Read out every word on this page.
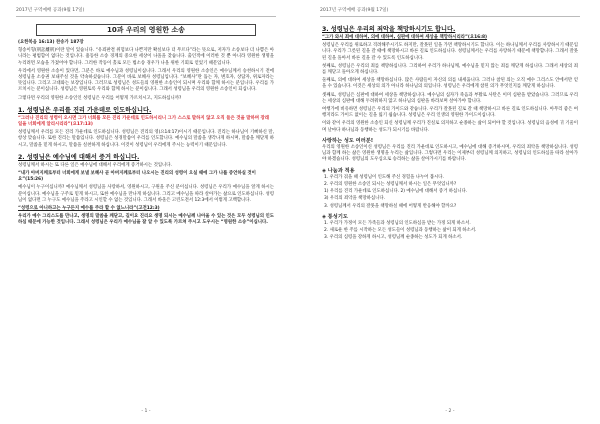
2017년 구역예배 공과(9월 17일)
10과 우리의 영원한 소송
(요한복음 16:13) 찬송가 187장
형송이형(刑訟離刑)이란 말이 있습니다. “유죄판결 위험보다 나쁜지만 확실보다 더 무르다”라는 뜻으로, 저자가 소송보다 더 나쁨은 아니라는 평범함이 없다는 것입니다. 흉동한 소송 경계의 중요한 세상이 나올을 찾습니다. 출인적에 이러한 것 뿐 아니라 영원한 생명을 누리려면 모습을 가졌어야 합니다. 그러한 작동이 홀로 모든 법소송 경우가 나올 위한 기회로 얻었기 때문입니다.
우리에서 영원한 소송이 있다면, 그분은 바로 예수님과 성령님이십니다. 그래서 우리의 영원한 소송인은 예수님께서 승천하시기 전에 성령님을 소송권 보내주실 것을 약속하셨습니다. 그분이 바로 보혜사 성령님입니다. “보혜사”란 돕는 자, 변호자, 상담자, 위로자라는 뜻입니다. 그리고 고대와는 보장입니다. 그러므로 성령님은 성도들의 영원한 소송인이 되시며 우리와 함께 하시는 분입니다. 우리를 가르치시는 분이십니다. 성령님은 영원토록 우리와 함께 하시는 분이십니다. 그래서 성령님을 우리의 영원한 소송인이 되십니다.
그렇다면 우리의 영원한 소송인인 성령님은 우리를 어떻게 가르치시고, 지도하십니까?
1. 성령님은 우리를 진리 가운데로 인도하십니다.
“그러나 진리의 성령이 오시면 그가 너희를 모든 진리 가운데로 인도하시리니 그가 스스로 말하지 않고 오직 들은 것을 말하며 장래 일을 너희에게 알리시리라”(요17:13)
성령님께서 우리를 모든 진리 가운데로 인도하십니다. 성령님은 진리의 영(요14:17)이시기 때문입니다. 진리는 하나님이 기뻐하신 말, 항상 맞습니다. 또한 진리는 말씀입니다. 성령님은 성경말씀이 우리를 인도합니다. 예수님의 말씀을 생각나게 하시며, 말씀을 깨닫게 하시고, 말씀을 믿게 하시고, 말씀을 실천하게 하십니다. 이것이 성령님이 우리에게 주시는 능력이기 때문입니다.
2. 성령님은 예수님에 대해서 증거 하십니다.
성령님께서 하시는 또 다른 일은 예수님에 대해서 우리에게 증거하시는 것입니다.
“내가 아버지께로부터 너희에게 보낼 보혜사 곧 아버지께로부터 나오시는 진리의 성령이 오실 때에 그가 나를 증언하실 것이요”(15:26)
예수님이 누구이십니까? 예수님께서 성령님을 사랑하셔, 영원하시고, 구원을 주신 분이십니다. 성령님은 우리가 예수님을 알게 하시는 분이십니다. 예수님을 구주로 믿게 하시고, 또한 예수님을 만나게 하십니다. 그리고 예수님을 따라 살아가는 삶으로 인도하십니다. 성령님이 없다면 그 누구도 예수님을 주라고 시인할 수 없는 것입니다. 그래서 바울은 고린도전서 12:3에서 이렇게 고백합니다.
“성령으로 아니하고는 누구든지 예수를 주라 할 수 없느니라”(고전12:3)
우리가 예수 그리스도를 만나고, 생명의 말씀을 깨닫고, 길이요 진리요 생명 되시는 예수님께 나아올 수 있는 것은 모두 성령님의 인도하심 때문에 가능한 것입니다. 그래서 성령님은 우리가 예수님을 잘 알 수 있도록 가르쳐 주시고 도우시는 “영원한 소송”이십니다.
- 1 -
2017년 구역예배 공과(9월 17일)
3. 성령님은 우리의 죄악을 책망하시기도 합니다.
“그가 와서 죄에 대하여, 의에 대하여, 심판에 대하여 세상을 책망하시리라”(요16:8)
성령님은 우리를 위로하고 격려해주시기도 하지만, 잘못된 일을 가면 책망하시기도 합니다. 이는 하나님께서 우리를 사랑하시기 때문입니다. 우리가 그릇된 길을 갈 때에 책망하시고 바른 길로 인도하십니다. 성령님께서는 우리를 사랑하기 때문에 책망합니다. 그래서 잘못된 길을 돌아서 바른 길을 갈 수 있도록 인도하십니다.
첫째로, 성령님은 우리의 죄를 책망하십니다. 그리하여 우리가 하나님께, 예수님을 믿지 않는 죄를 깨닫게 하십니다. 그래서 세상의 죄를 깨닫고 돌아오게 하십니다.
둘째로, 의에 대하여 세상을 책망하십니다. 많은 사람들이 자신의 의를 내세웁니다. 그러나 참된 의는 오직 예수 그리스도 안에서만 얻을 수 있습니다. 이것은 세상의 의가 아니라 하나님의 의입니다. 성령님은 우리에게 참된 의가 무엇인지를 깨닫게 하십니다.
셋째로, 성령님은 심판에 대하여 세상을 책망하십니다. 예수님의 십자가 죽음과 부활로 사탄은 이미 심판을 받았습니다. 그러므로 우리는 세상의 심판에 대해 두려워하지 않고 하나님의 심판을 바라보며 살아가야 합니다.
여행가에 비유하면 성령님은 우리의 가이드와 같습니다. 우리가 잘못된 길로 갈 때 책망하시고 바른 길로 인도하십니다. 아무리 좋은 여행지라도 가이드 없이는 길을 잃기 쉽습니다. 성령님은 우리 인생의 영원한 가이드이십니다.
이와 같이 우리의 영원한 소송인 되신 성령님께 우리가 진실로 의지하고 순종하는 삶이 되어야 할 것입니다. 성령님의 음성에 귀 기울이며 날마다 하나님과 동행하는 성도가 되시기를 바랍니다.
사랑하는 성도 여러분!
우리의 영원한 소송인이신 성령님은 우리를 진리 가운데로 인도하시고, 예수님에 대해 증거하시며, 우리의 죄악을 책망하십니다. 성령님과 함께 하는 삶은 영원한 생명을 누리는 삶입니다. 그렇다면 우리는 이제부터 성령님께 의지하고, 성령님의 인도하심을 따라 살아가야 하겠습니다. 성령님의 도우심으로 승리하는 삶을 살아가시기를 바랍니다.
◈ 나눔과 적용
1. 우리가 겪을 때 성령님이 인도해 주신 경험을 나누어 봅시다.
2. 우리의 영원한 소송인 되시는 성령님께서 하시는 일은 무엇입니까?
1) 우리를 진리 가운데로 인도하십니다. 2) 예수님에 대해서 증거 하십니다.
3) 우리의 죄악을 책망하십니다.
3. 성령님께서 우리의 잘못을 책망하실 때에 어떻게 반응해야 할까요?
◈ 통성기도
1. 우리가 가정이 모든 가족들과 성령님의 인도하심을 받는 가정 되게 하소서.
2. 새로운 한 주를 시작하는 모든 성도들이 성령님과 동행하는 삶이 되게 하소서.
3. 우리의 심령을 강하게 하시고, 성령님께 순종하는 성도가 되게 하소서.
- 2 -
